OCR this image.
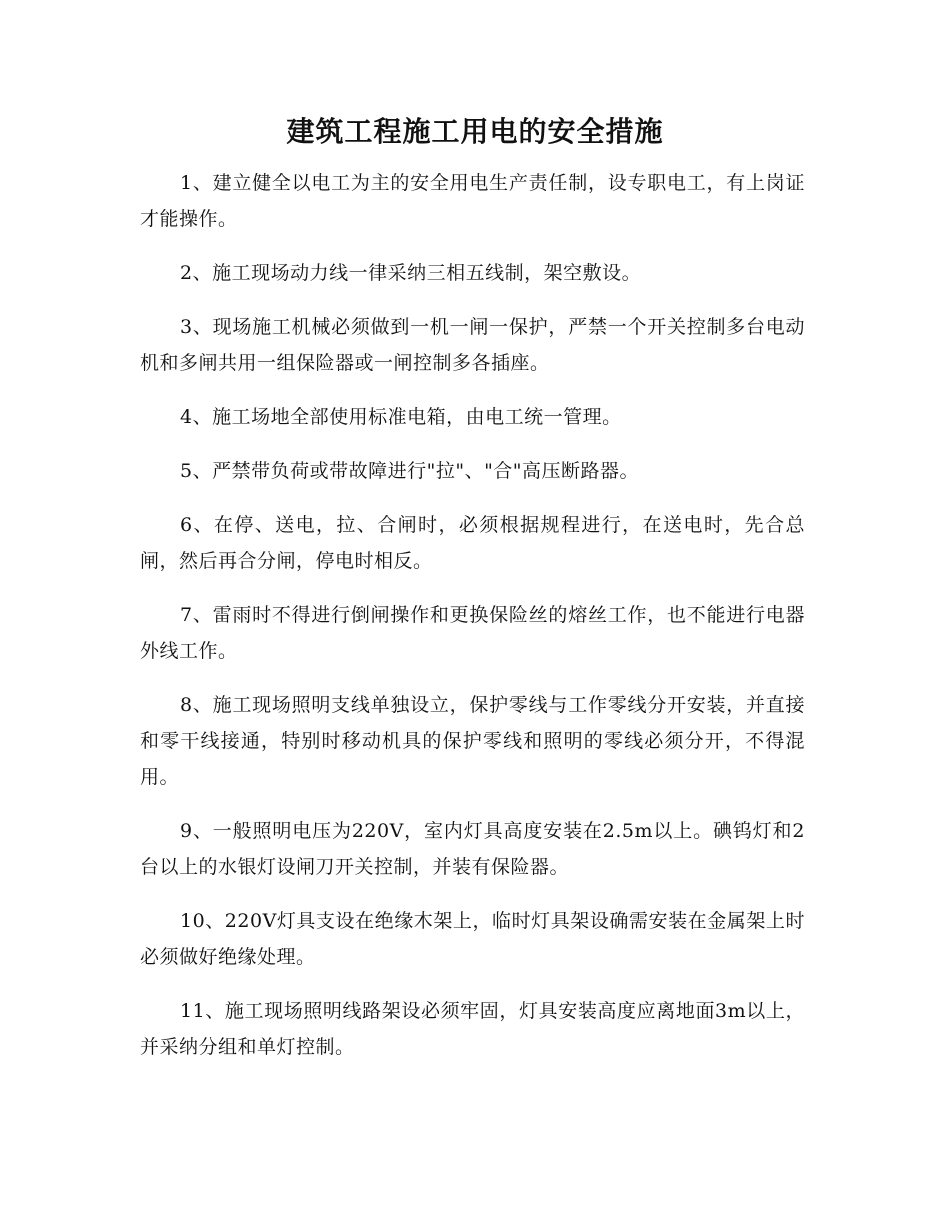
建筑工程施工用电的安全措施

1、建立健全以电工为主的安全用电生产责任制，设专职电工，有上岗证才能操作。

2、施工现场动力线一律采纳三相五线制，架空敷设。

3、现场施工机械必须做到一机一闸一保护，严禁一个开关控制多台电动机和多闸共用一组保险器或一闸控制多各插座。

4、施工场地全部使用标准电箱，由电工统一管理。

5、严禁带负荷或带故障进行"拉"、"合"高压断路器。

6、在停、送电，拉、合闸时，必须根据规程进行，在送电时，先合总闸，然后再合分闸，停电时相反。

7、雷雨时不得进行倒闸操作和更换保险丝的熔丝工作，也不能进行电器外线工作。

8、施工现场照明支线单独设立，保护零线与工作零线分开安装，并直接和零干线接通，特别时移动机具的保护零线和照明的零线必须分开，不得混用。

9、一般照明电压为220V，室内灯具高度安装在2.5m以上。碘钨灯和2台以上的水银灯设闸刀开关控制，并装有保险器。

10、220V灯具支设在绝缘木架上，临时灯具架设确需安装在金属架上时必须做好绝缘处理。

11、施工现场照明线路架设必须牢固，灯具安装高度应离地面3m以上，并采纳分组和单灯控制。
